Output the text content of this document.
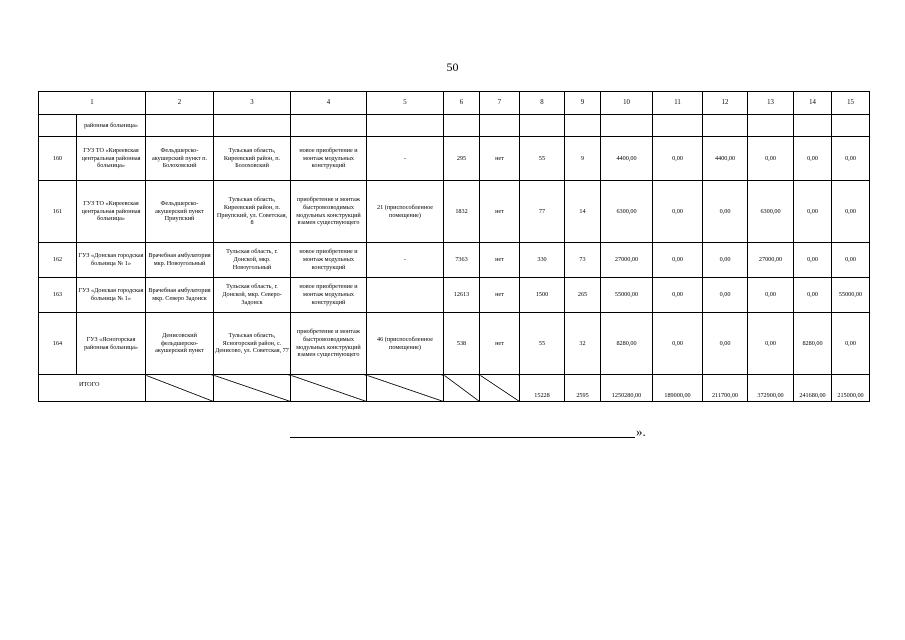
50
1		2	3	4	5	6	7	8	9	10	11	12	13	14	15
	районная больница»														
160	ГУЗ ТО «Киреевская центральная районная больница»	Фельдшерско-акушерский пункт п. Болоховский	Тульская область, Киреевский район, п. Болоховский	новое приобретение и монтаж модульных конструкций	-	295	нет	55	9	4400,00	0,00	4400,00	0,00	0,00	0,00
161	ГУЗ ТО «Киреевская центральная районная больница»	Фельдшерско-акушерский пункт Приупский	Тульская область, Киреевский район, п. Приупский, ул. Советская, 8	приобретение и монтаж быстровозводимых модульных конструкций взамен существующего	21 (приспособленное помещение)	1832	нет	77	14	6300,00	0,00	0,00	6300,00	0,00	0,00
162	ГУЗ «Донская городская больница № 1»	Врачебная амбулатория мкр. Новоугольный	Тульская область, г. Донской, мкр. Новоугольный	новое приобретение и монтаж модульных конструкций	-	7363	нет	330	73	27000,00	0,00	0,00	27000,00	0,00	0,00
163	ГУЗ «Донская городская больница № 1»	Врачебная амбулатория мкр. Северо Задонск	Тульская область, г. Донской, мкр. Северо-Задонск	новое приобретение и монтаж модульных конструкций		12613	нет	1500	265	55000,00	0,00	0,00	0,00	0,00	55000,00
164	ГУЗ «Ясногорская районная больница»	Денисовский фельдшерско-акушерский пункт	Тульская область, Ясногорский район, с. Денисово, ул. Советская, 77	приобретение и монтаж быстровозводимых модульных конструкций взамен существующего	46 (приспособленное помещение)	538	нет	55	32	8280,00	0,00	0,00	0,00	8280,00	0,00
ИТОГО								15228	2595	1250280,00	189000,00	211700,00	372900,00	241680,00	215000,00
».
